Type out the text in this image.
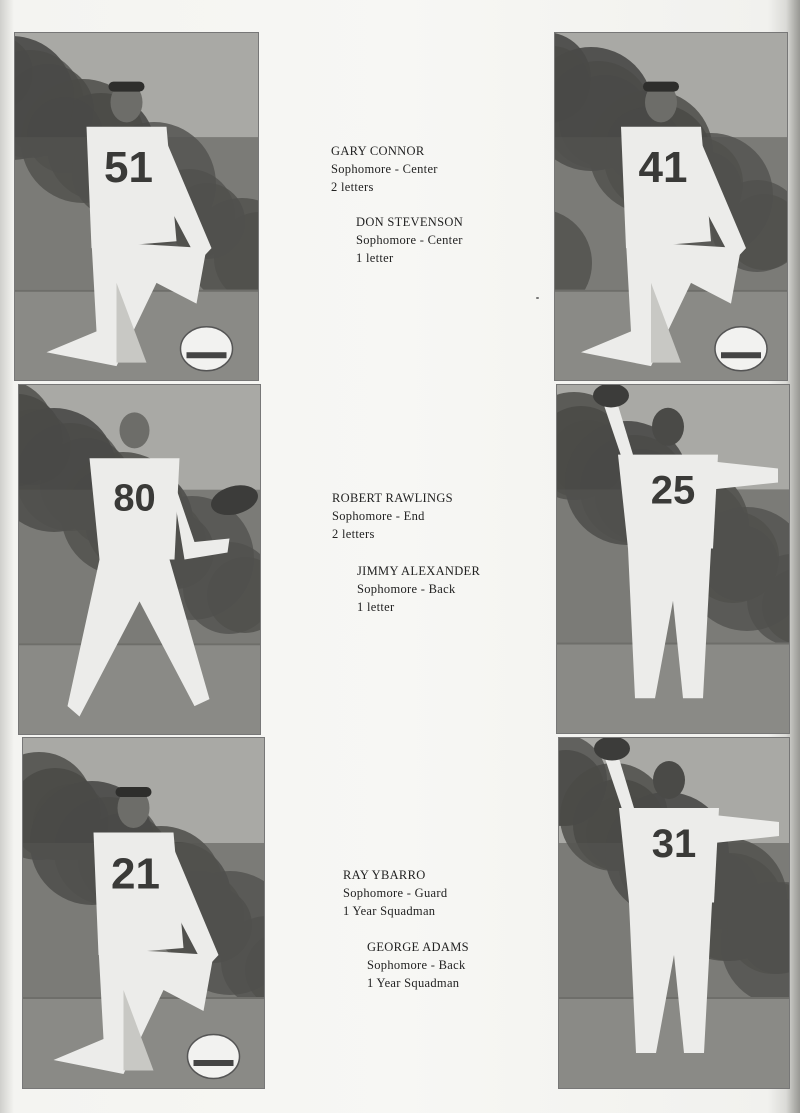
51	41
80	25
21
31
GARY CONNOR
Sophomore - Center
2 letters
DON STEVENSON
Sophomore - Center
1 letter
ROBERT RAWLINGS
Sophomore - End
2 letters
JIMMY ALEXANDER
Sophomore - Back
1 letter
RAY YBARRO
Sophomore - Guard
1 Year Squadman
GEORGE ADAMS
Sophomore - Back
1 Year Squadman
